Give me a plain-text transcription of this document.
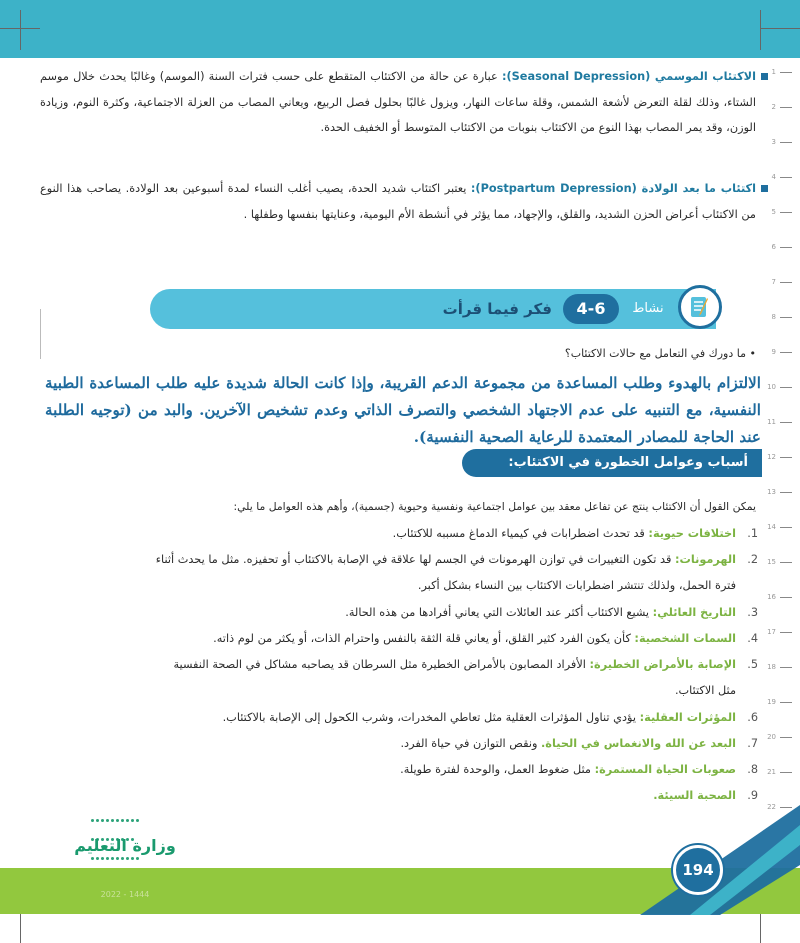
1
2
3
4
5
6
7
8
9
10
11
12
13
14
15
16
17
18
19
20
21
22

الاكتئاب الموسمي (Seasonal Depression): عبارة عن حالة من الاكتئاب المتقطع على حسب فترات السنة (الموسم) وغالبًا يحدث خلال موسم الشتاء، وذلك لقلة التعرض لأشعة الشمس، وقلة ساعات النهار، ويزول غالبًا بحلول فصل الربيع، ويعاني المصاب من العزلة الاجتماعية، وكثرة النوم، وزيادة الوزن، وقد يمر المصاب بهذا النوع من الاكتئاب بنوبات من الاكتئاب المتوسط أو الخفيف الحدة.

اكتئاب ما بعد الولادة (Postpartum Depression): يعتبر اكتئاب شديد الحدة، يصيب أغلب النساء لمدة أسبوعين بعد الولادة. يصاحب هذا النوع من الاكتئاب أعراض الحزن الشديد، والقلق، والإجهاد، مما يؤثر في أنشطة الأم اليومية، وعنايتها بنفسها وطفلها .

نشاط
4-6
فكر فيما قرأت

• ما دورك في التعامل مع حالات الاكتئاب؟

أسباب وعوامل الخطورة في الاكتئاب:

الالتزام بالهدوء وطلب المساعدة من مجموعة الدعم القريبة، وإذا كانت الحالة شديدة عليه طلب المساعدة الطبية النفسية، مع التنبيه على عدم الاجتهاد الشخصي والتصرف الذاتي وعدم تشخيص الآخرين. والبد من (توجيه الطلبة عند الحاجة للمصادر المعتمدة للرعاية الصحية النفسية).

يمكن القول أن الاكتئاب ينتج عن تفاعل معقد بين عوامل اجتماعية ونفسية وحيوية (جسمية)، وأهم هذه العوامل ما يلي:

1.اختلافات حيوية: قد تحدث اضطرابات في كيمياء الدماغ مسببه للاكتئاب.
2.الهرمونات: قد تكون التغييرات في توازن الهرمونات في الجسم لها علاقة في الإصابة بالاكتئاب أو تحفيزه. مثل ما يحدث أثناء
فترة الحمل، ولذلك تنتشر اضطرابات الاكتئاب بين النساء بشكل أكبر.
3.التاريخ العائلي: يشيع الاكتئاب أكثر عند العائلات التي يعاني أفرادها من هذه الحالة.
4.السمات الشخصية: كأن يكون الفرد كثير القلق، أو يعاني قلة الثقة بالنفس واحترام الذات، أو يكثر من لوم ذاته.
5.الإصابة بالأمراض الخطيرة: الأفراد المصابون بالأمراض الخطيرة مثل السرطان قد يصاحبه مشاكل في الصحة النفسية
مثل الاكتئاب.
6.المؤثرات العقلية: يؤدي تناول المؤثرات العقلية مثل تعاطي المخدرات، وشرب الكحول إلى الإصابة بالاكتئاب.
7.البعد عن الله والانغماس في الحياة. ونقص التوازن في حياة الفرد.
8.صعوبات الحياة المستمرة: مثل ضغوط العمل، والوحدة لفترة طويلة.
9.الصحبة السيئة.

وزارة التعليم
2022 - 1444
194
